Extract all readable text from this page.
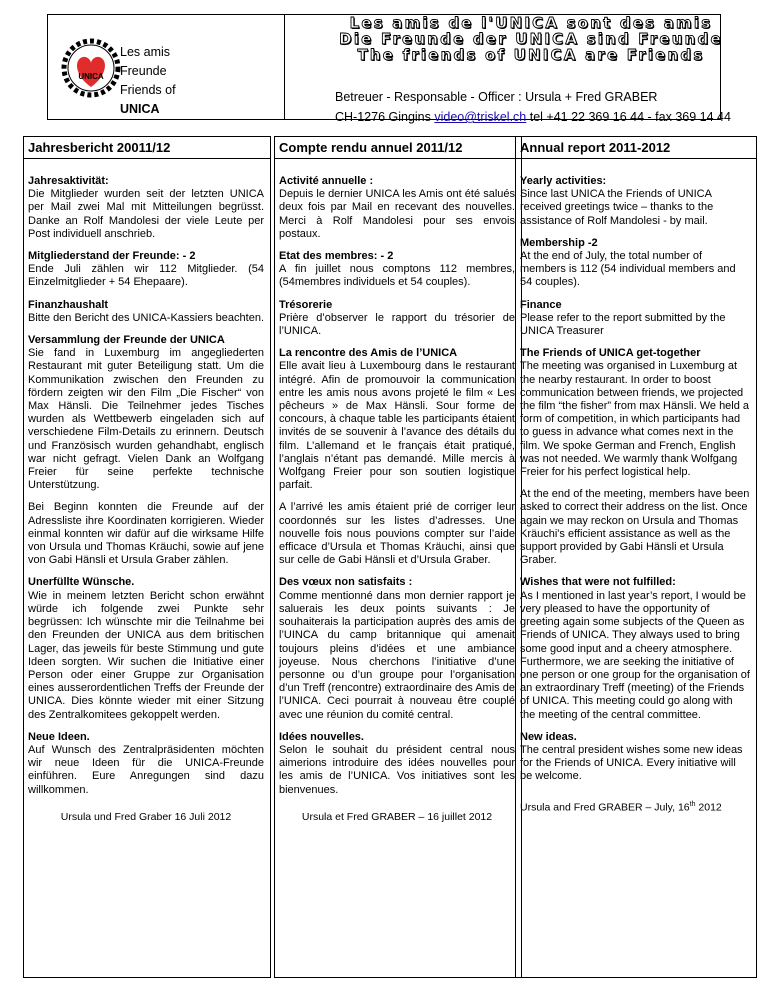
UNICA
Les amis
Freunde
Friends of
UNICA
Les amis de l'UNICA sont des amis
Die Freunde der UNICA sind Freunde
The friends of UNICA are Friends
Betreuer - Responsable - Officer : Ursula + Fred GRABER
CH-1276 Gingins video@triskel.ch tel +41 22 369 16 44 - fax 369 14 44
Jahresbericht 20011/12
Jahresaktivität:
Die Mitglieder wurden seit der letzten UNICA per Mail zwei Mal mit Mitteilungen begrüsst. Danke an Rolf Mandolesi der viele Leute per Post individuell anschrieb.
Mitgliederstand der Freunde: - 2
Ende Juli zählen wir 112 Mitglieder. (54 Einzelmitglieder + 54 Ehepaare).
Finanzhaushalt
Bitte den Bericht des UNICA-Kassiers beachten.
Versammlung der Freunde der UNICA
Sie fand in Luxemburg im angegliederten Restaurant mit guter Beteiligung statt. Um die Kommunikation zwischen den Freunden zu fördern zeigten wir den Film „Die Fischer“ von Max Hänsli. Die Teilnehmer jedes Tisches wurden als Wettbewerb eingeladen sich auf verschiedene Film-Details zu erinnern. Deutsch und Französisch wurden gehandhabt, englisch war nicht gefragt. Vielen Dank an Wolfgang Freier für seine perfekte technische Unterstützung.
Bei Beginn konnten die Freunde auf der Adressliste ihre Koordinaten korrigieren. Wieder einmal konnten wir dafür auf die wirksame Hilfe von Ursula und Thomas Kräuchi, sowie auf jene von Gabi Hänsli et Ursula Graber zählen.
Unerfüllte Wünsche.
Wie in meinem letzten Bericht schon erwähnt würde ich folgende zwei Punkte sehr begrüssen: Ich wünschte mir die Teilnahme bei den Freunden der UNICA aus dem britischen Lager, das jeweils für beste Stimmung und gute Ideen sorgten. Wir suchen die Initiative einer Person oder einer Gruppe zur Organisation eines ausserordentlichen Treffs der Freunde der UNICA. Dies könnte wieder mit einer Sitzung des Zentralkomitees gekoppelt werden.
Neue Ideen.
Auf Wunsch des Zentralpräsidenten möchten wir neue Ideen für die UNICA-Freunde einführen. Eure Anregungen sind dazu willkommen.
Ursula und Fred Graber 16 Juli 2012
Compte rendu annuel 2011/12
Activité annuelle :
Depuis le dernier UNICA les Amis ont été salués deux fois par Mail en recevant des nouvelles. Merci à Rolf Mandolesi pour ses envois postaux.
Etat des membres: - 2
A fin juillet nous comptons 112 membres, (54membres individuels et 54 couples).
Trésorerie
Prière d’observer le rapport du trésorier de l’UNICA.
La rencontre des Amis de l’UNICA
Elle avait lieu à Luxembourg dans le restaurant intégré. Afin de promouvoir la communication entre les amis nous avons projeté le film « Les pêcheurs » de Max Hänsli. Sour forme de concours, à chaque table les participants étaient invités de se souvenir à l’avance des détails du film. L’allemand et le français était pratiqué, l’anglais n’étant pas demandé. Mille mercis à Wolfgang Freier pour son soutien logistique parfait.
A l’arrivé les amis étaient prié de corriger leur coordonnés sur les listes d’adresses. Une nouvelle fois nous pouvions compter sur l’aide efficace d’Ursula et Thomas Kräuchi, ainsi que sur celle de Gabi Hänsli et d’Ursula Graber.
Des vœux non satisfaits :
Comme mentionné dans mon dernier rapport je saluerais les deux points suivants : Je souhaiterais la participation auprès des amis de l’UINCA du camp britannique qui amenait toujours pleins d’idées et une ambiance joyeuse. Nous cherchons l’initiative d’une personne ou d’un groupe pour l’organisation d’un Treff (rencontre) extraordinaire des Amis de l’UNICA. Ceci pourrait à nouveau être couplé avec une réunion du comité central.
Idées nouvelles.
Selon le souhait du président central nous aimerions introduire des idées nouvelles pour les amis de l’UNICA. Vos initiatives sont les bienvenues.
Ursula et Fred GRABER – 16 juillet 2012
Annual report 2011-2012
Yearly activities:
Since last UNICA the Friends of UNICA received greetings twice – thanks to the assistance of Rolf Mandolesi - by mail.
Membership -2
At the end of July, the total number of members is 112 (54 individual members and 54 couples).
Finance
Please refer to the report submitted by the UNICA Treasurer
The Friends of UNICA get-together
The meeting was organised in Luxemburg at the nearby restaurant. In order to boost communication between friends, we projected the film “the fisher” from max Hänsli. We held a form of competition, in which participants had to guess in advance what comes next in the film. We spoke German and French, English was not needed. We warmly thank Wolfgang Freier for his perfect logistical help.
At the end of the meeting, members have been asked to correct their address on the list. Once again we may reckon on Ursula and Thomas Kräuchi's efficient assistance as well as the support provided by Gabi Hänsli et Ursula Graber.
Wishes that were not fulfilled:
As I mentioned in last year’s report, I would be very pleased to have the opportunity of greeting again some subjects of the Queen as Friends of UNICA. They always used to bring some good input and a cheery atmosphere. Furthermore, we are seeking the initiative of one person or one group for the organisation of an extraordinary Treff (meeting) of the Friends of UNICA. This meeting could go along with the meeting of the central committee.
New ideas.
The central president wishes some new ideas for the Friends of UNICA. Every initiative will be welcome.
Ursula and Fred GRABER – July, 16th 2012
